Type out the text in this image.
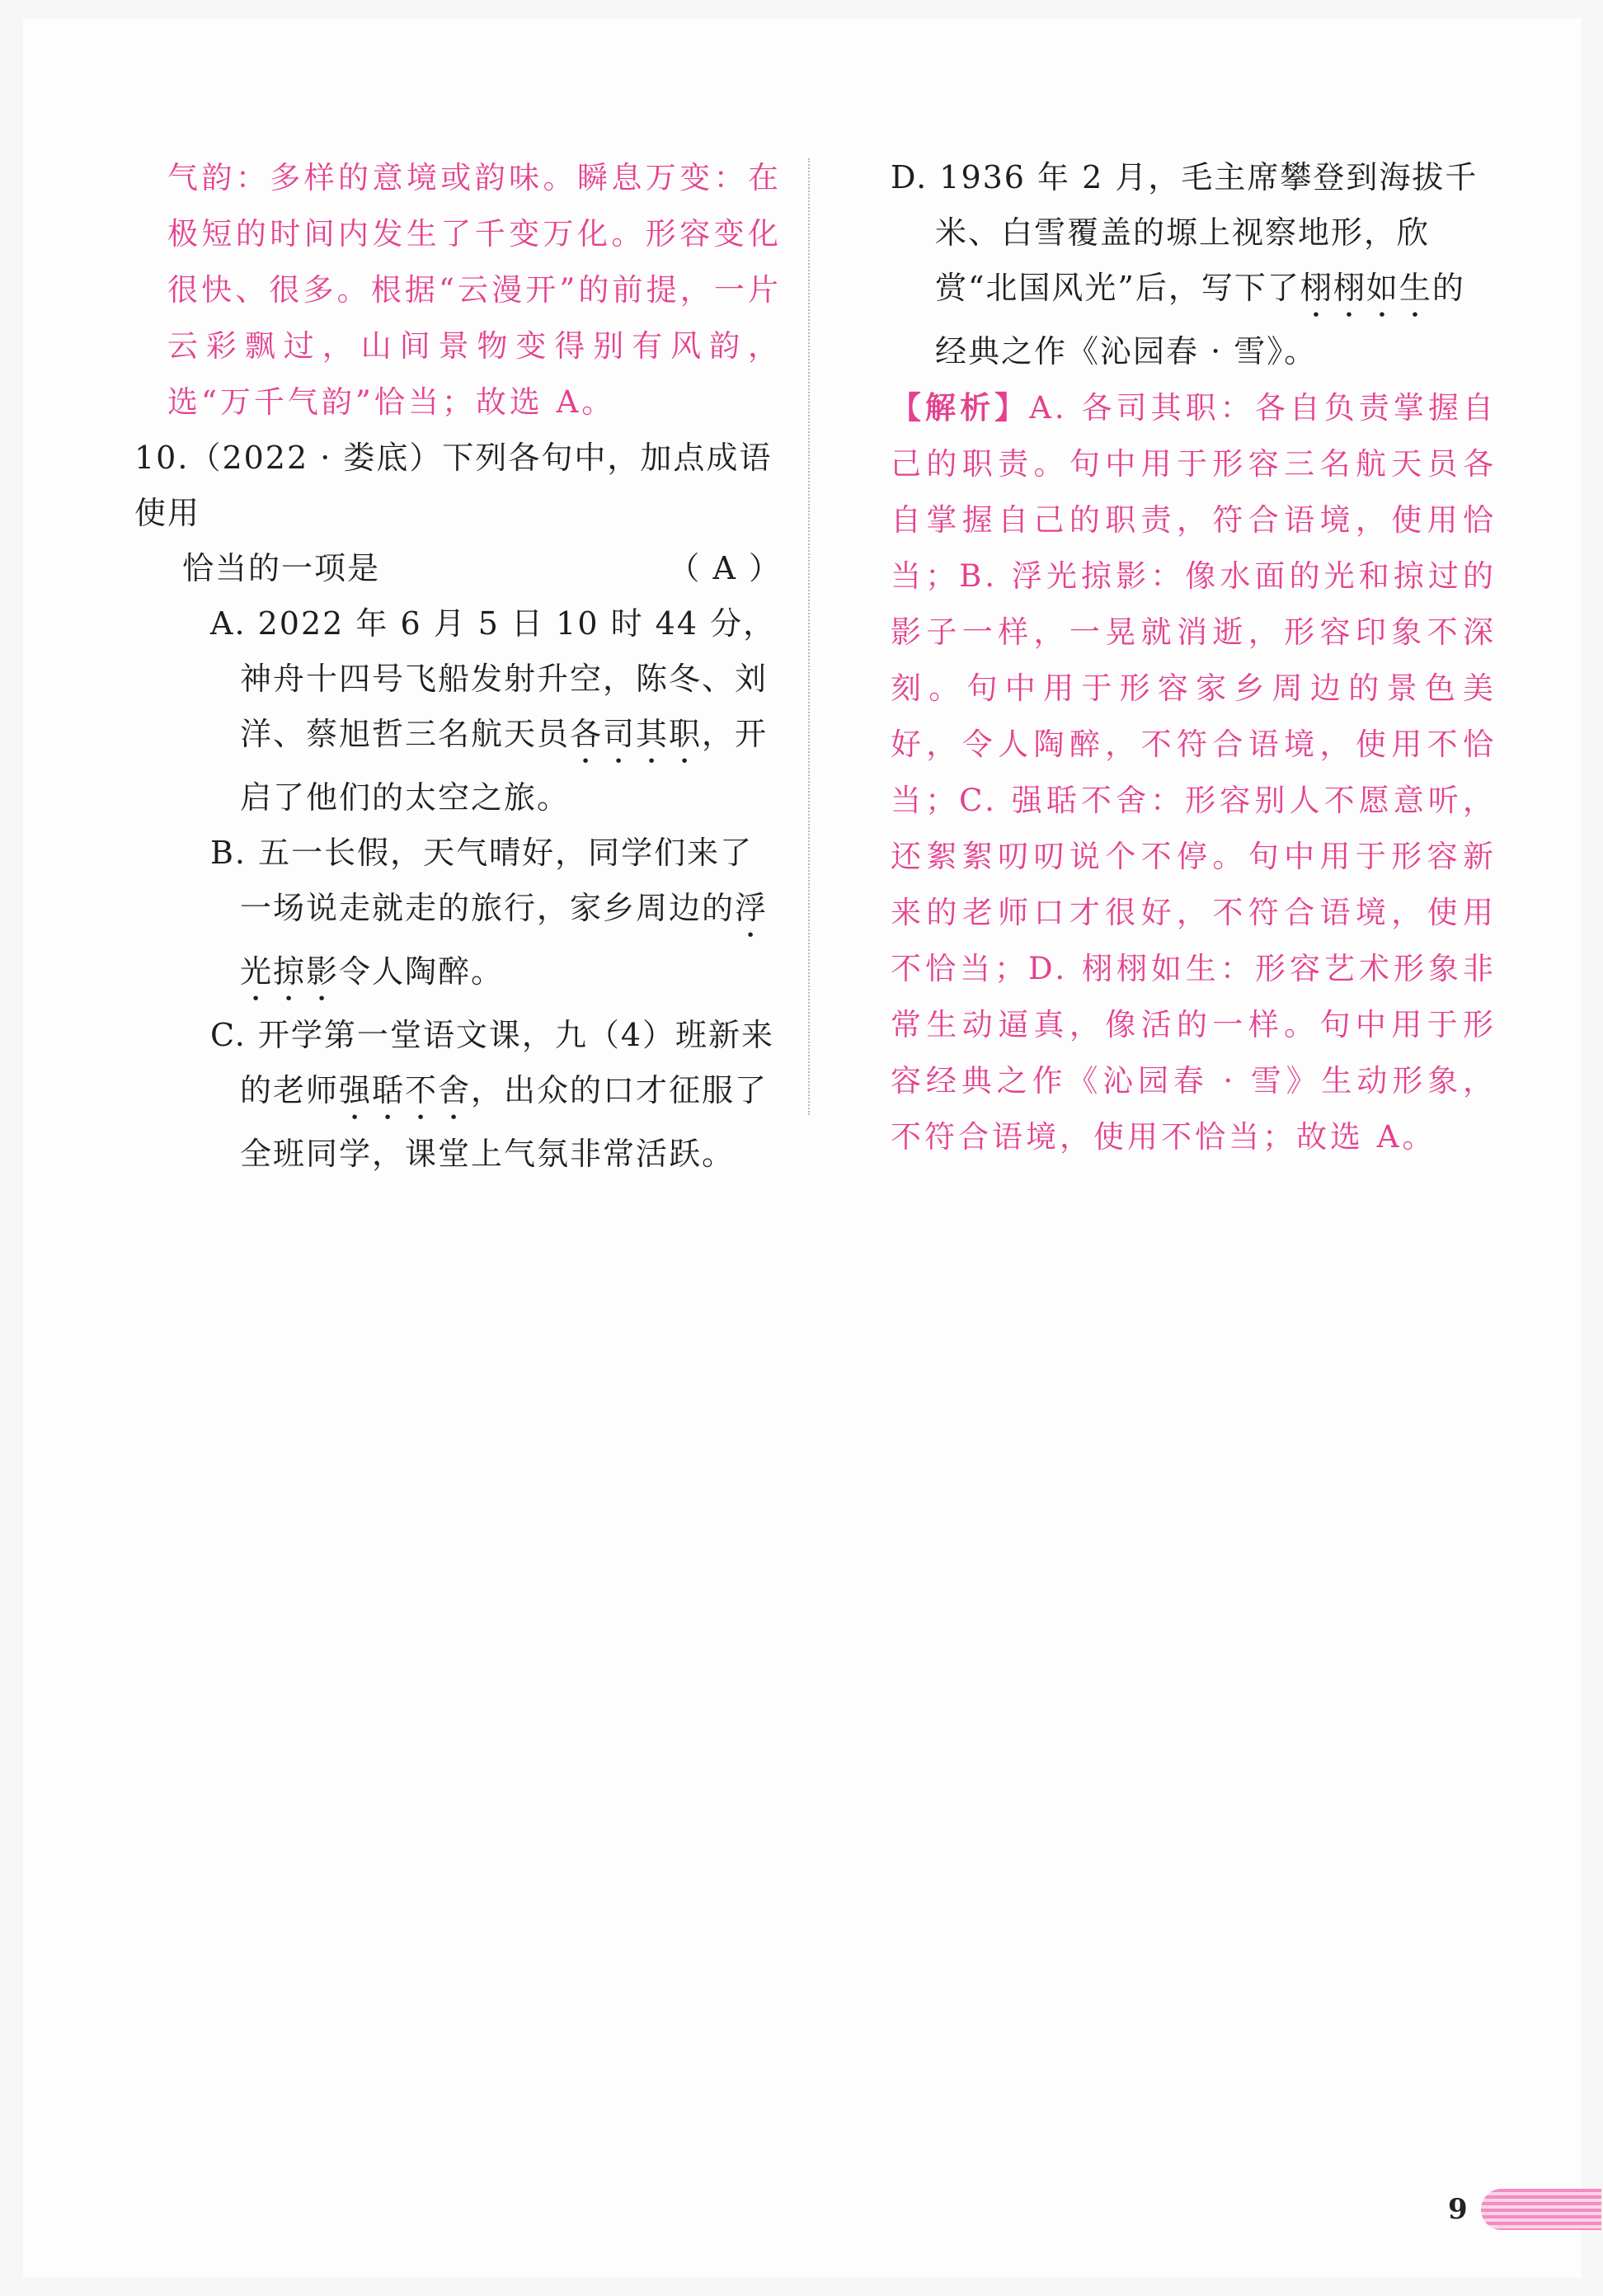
气韵：多样的意境或韵味。瞬息万变：在极短的时间内发生了千变万化。形容变化很快、很多。根据“云漫开”的前提，一片云彩飘过，山间景物变得别有风韵，选“万千气韵”恰当；故选 A。

10.（2022 · 娄底）下列各句中，加点成语使用
恰当的一项是	（ A ）

A. 2022 年 6 月 5 日 10 时 44 分，神舟十四号飞船发射升空，陈冬、刘洋、蔡旭哲三名航天员各司其职，开启了他们的太空之旅。

B. 五一长假，天气晴好，同学们来了一场说走就走的旅行，家乡周边的浮光掠影令人陶醉。

C. 开学第一堂语文课，九（4）班新来的老师强聒不舍，出众的口才征服了全班同学，课堂上气氛非常活跃。

D. 1936 年 2 月，毛主席攀登到海拔千米、白雪覆盖的塬上视察地形，欣赏“北国风光”后，写下了栩栩如生的经典之作《沁园春 · 雪》。

【解析】A. 各司其职：各自负责掌握自己的职责。句中用于形容三名航天员各自掌握自己的职责，符合语境，使用恰当；B. 浮光掠影：像水面的光和掠过的影子一样，一晃就消逝，形容印象不深刻。句中用于形容家乡周边的景色美好，令人陶醉，不符合语境，使用不恰当；C. 强聒不舍：形容别人不愿意听，还絮絮叨叨说个不停。句中用于形容新来的老师口才很好，不符合语境，使用不恰当；D. 栩栩如生：形容艺术形象非常生动逼真，像活的一样。句中用于形容经典之作《沁园春 · 雪》生动形象，不符合语境，使用不恰当；故选 A。

9
